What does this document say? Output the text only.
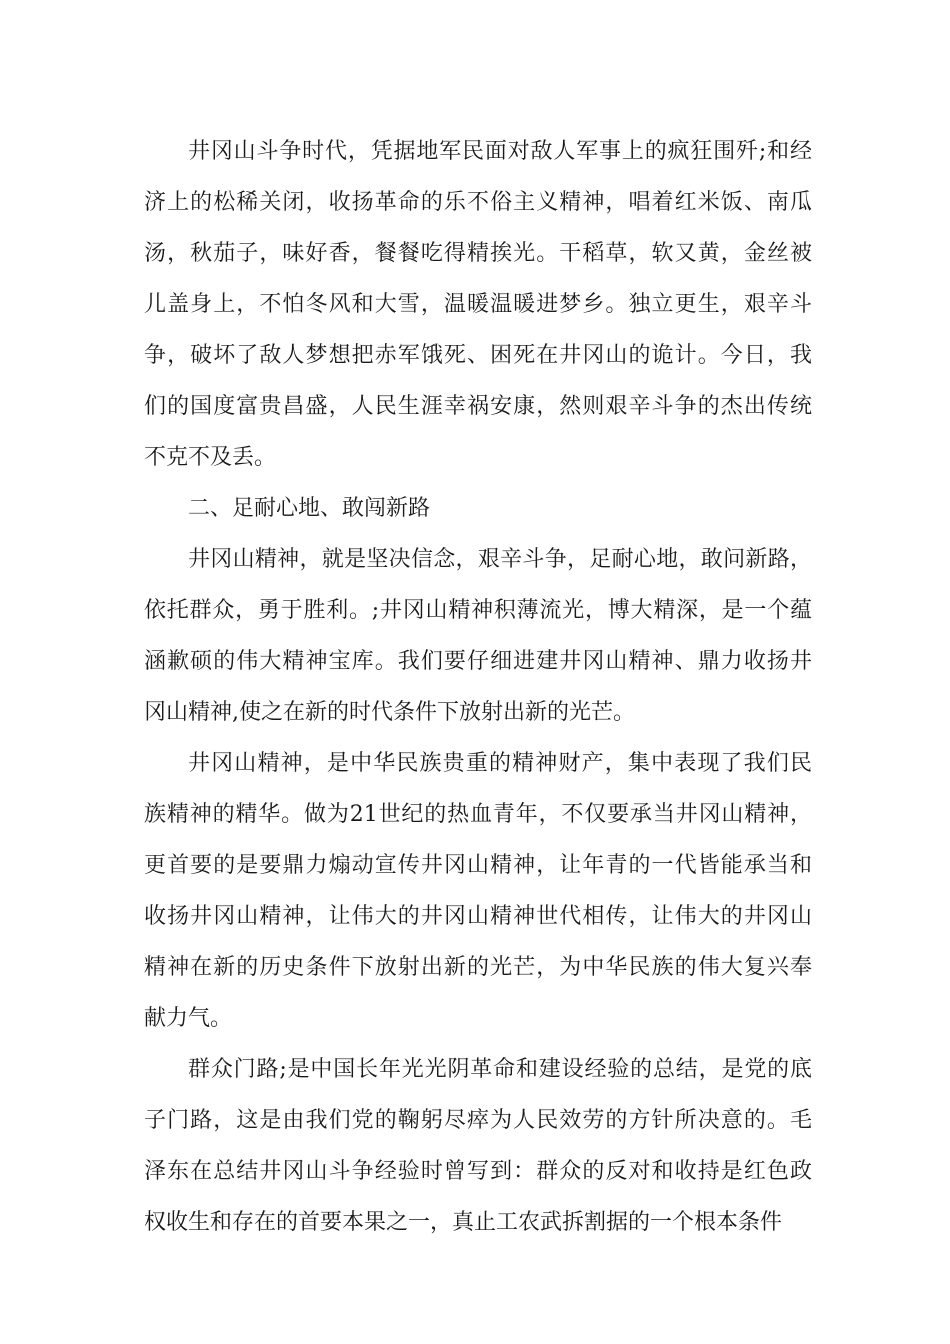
井冈山斗争时代，凭据地军民面对敌人军事上的疯狂围歼;和经
济上的松稀关闭，收扬革命的乐不俗主义精神，唱着红米饭、南瓜
汤，秋茄子，味好香，餐餐吃得精挨光。干稻草，软又黄，金丝被
儿盖身上，不怕冬风和大雪，温暖温暖进梦乡。独立更生，艰辛斗
争，破坏了敌人梦想把赤军饿死、困死在井冈山的诡计。今日，我
们的国度富贵昌盛，人民生涯幸祸安康，然则艰辛斗争的杰出传统
不克不及丢。
二、足耐心地、敢闯新路
井冈山精神，就是坚决信念，艰辛斗争，足耐心地，敢问新路，
依托群众，勇于胜利。;井冈山精神积薄流光，博大精深，是一个蕴
涵歉硕的伟大精神宝库。我们要仔细进建井冈山精神、鼎力收扬井
冈山精神,使之在新的时代条件下放射出新的光芒。
井冈山精神，是中华民族贵重的精神财产，集中表现了我们民
族精神的精华。做为21世纪的热血青年，不仅要承当井冈山精神，
更首要的是要鼎力煽动宣传井冈山精神，让年青的一代皆能承当和
收扬井冈山精神，让伟大的井冈山精神世代相传，让伟大的井冈山
精神在新的历史条件下放射出新的光芒，为中华民族的伟大复兴奉
献力气。
群众门路;是中国长年光光阴革命和建设经验的总结，是党的底
子门路，这是由我们党的鞠躬尽瘁为人民效劳的方针所决意的。毛
泽东在总结井冈山斗争经验时曾写到：群众的反对和收持是红色政
权收生和存在的首要本果之一，真止工农武拆割据的一个根本条件
